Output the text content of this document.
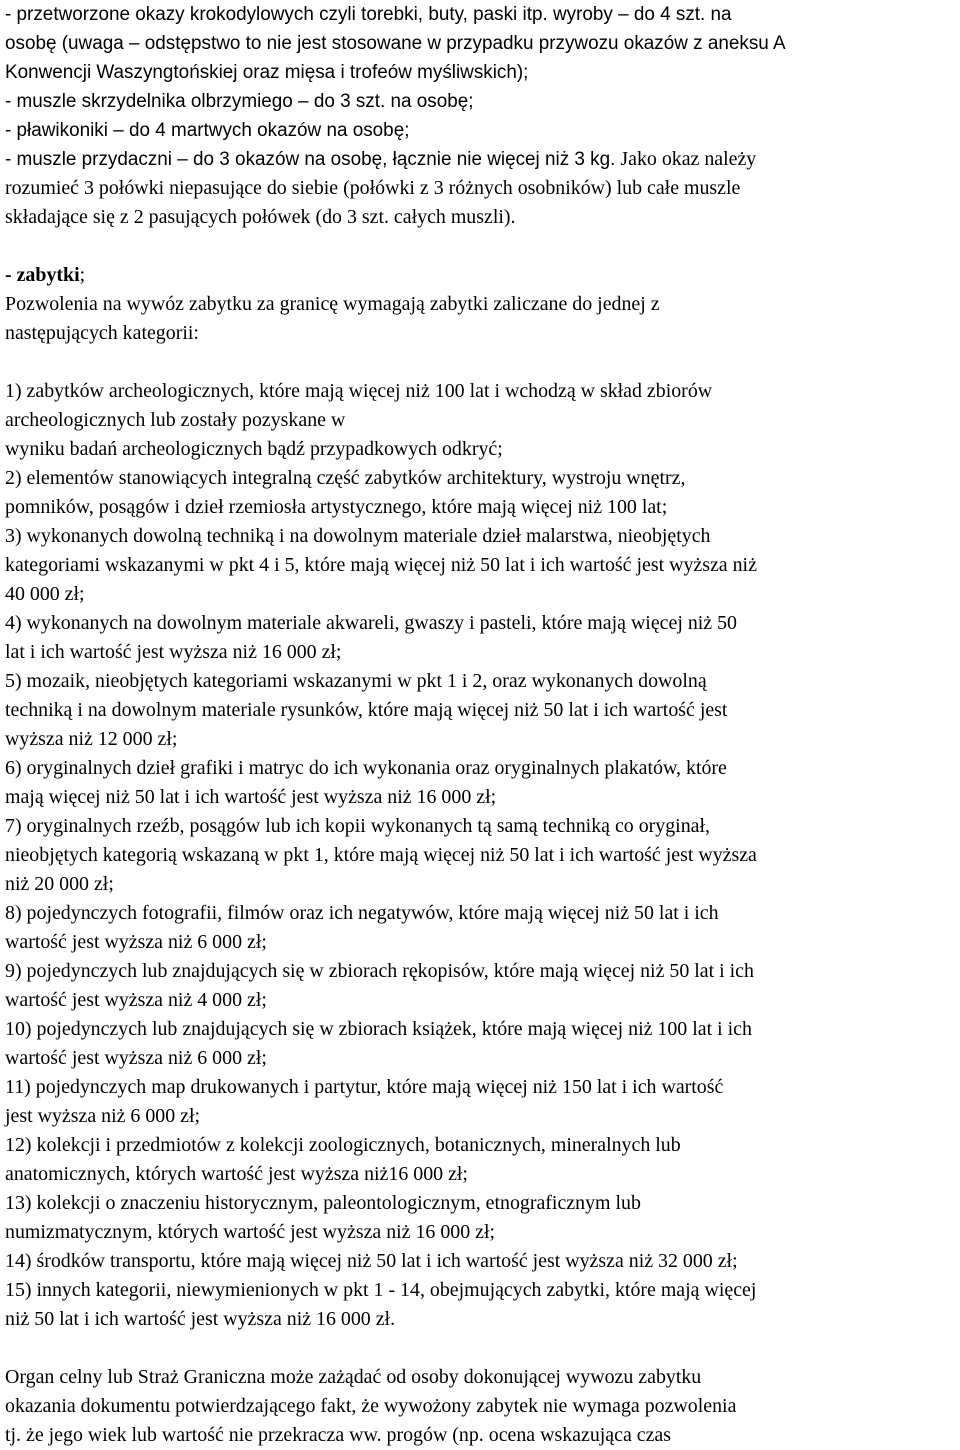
- przetworzone okazy krokodylowych czyli torebki, buty, paski itp. wyroby – do 4 szt. na
osobę (uwaga – odstępstwo to nie jest stosowane w przypadku przywozu okazów z aneksu A
Konwencji Waszyngtońskiej oraz mięsa i trofeów myśliwskich);
- muszle skrzydelnika olbrzymiego – do 3 szt. na osobę;
- pławikoniki – do 4 martwych okazów na osobę;
- muszle przydaczni – do 3 okazów na osobę, łącznie nie więcej niż 3 kg. Jako okaz należy
rozumieć 3 połówki niepasujące do siebie (połówki z 3 różnych osobników) lub całe muszle
składające się z 2 pasujących połówek (do 3 szt. całych muszli).
- zabytki;
Pozwolenia na wywóz zabytku za granicę wymagają zabytki zaliczane do jednej z
następujących kategorii:
1) zabytków archeologicznych, które mają więcej niż 100 lat i wchodzą w skład zbiorów
archeologicznych lub zostały pozyskane w
wyniku badań archeologicznych bądź przypadkowych odkryć;
2) elementów stanowiących integralną część zabytków architektury, wystroju wnętrz,
pomników, posągów i dzieł rzemiosła artystycznego, które mają więcej niż 100 lat;
3) wykonanych dowolną techniką i na dowolnym materiale dzieł malarstwa, nieobjętych
kategoriami wskazanymi w pkt 4 i 5, które mają więcej niż 50 lat i ich wartość jest wyższa niż
40 000 zł;
4) wykonanych na dowolnym materiale akwareli, gwaszy i pasteli, które mają więcej niż 50
lat i ich wartość jest wyższa niż 16 000 zł;
5) mozaik, nieobjętych kategoriami wskazanymi w pkt 1 i 2, oraz wykonanych dowolną
techniką i na dowolnym materiale rysunków, które mają więcej niż 50 lat i ich wartość jest
wyższa niż 12 000 zł;
6) oryginalnych dzieł grafiki i matryc do ich wykonania oraz oryginalnych plakatów, które
mają więcej niż 50 lat i ich wartość jest wyższa niż 16 000 zł;
7) oryginalnych rzeźb, posągów lub ich kopii wykonanych tą samą techniką co oryginał,
nieobjętych kategorią wskazaną w pkt 1, które mają więcej niż 50 lat i ich wartość jest wyższa
niż 20 000 zł;
8) pojedynczych fotografii, filmów oraz ich negatywów, które mają więcej niż 50 lat i ich
wartość jest wyższa niż 6 000 zł;
9) pojedynczych lub znajdujących się w zbiorach rękopisów, które mają więcej niż 50 lat i ich
wartość jest wyższa niż 4 000 zł;
10) pojedynczych lub znajdujących się w zbiorach książek, które mają więcej niż 100 lat i ich
wartość jest wyższa niż 6 000 zł;
11) pojedynczych map drukowanych i partytur, które mają więcej niż 150 lat i ich wartość
jest wyższa niż 6 000 zł;
12) kolekcji i przedmiotów z kolekcji zoologicznych, botanicznych, mineralnych lub
anatomicznych, których wartość jest wyższa niż16 000 zł;
13) kolekcji o znaczeniu historycznym, paleontologicznym, etnograficznym lub
numizmatycznym, których wartość jest wyższa niż 16 000 zł;
14) środków transportu, które mają więcej niż 50 lat i ich wartość jest wyższa niż 32 000 zł;
15) innych kategorii, niewymienionych w pkt 1 - 14, obejmujących zabytki, które mają więcej
niż 50 lat i ich wartość jest wyższa niż 16 000 zł.
Organ celny lub Straż Graniczna może zażądać od osoby dokonującej wywozu zabytku
okazania dokumentu potwierdzającego fakt, że wywożony zabytek nie wymaga pozwolenia
tj. że jego wiek lub wartość nie przekracza ww. progów (np. ocena wskazująca czas
